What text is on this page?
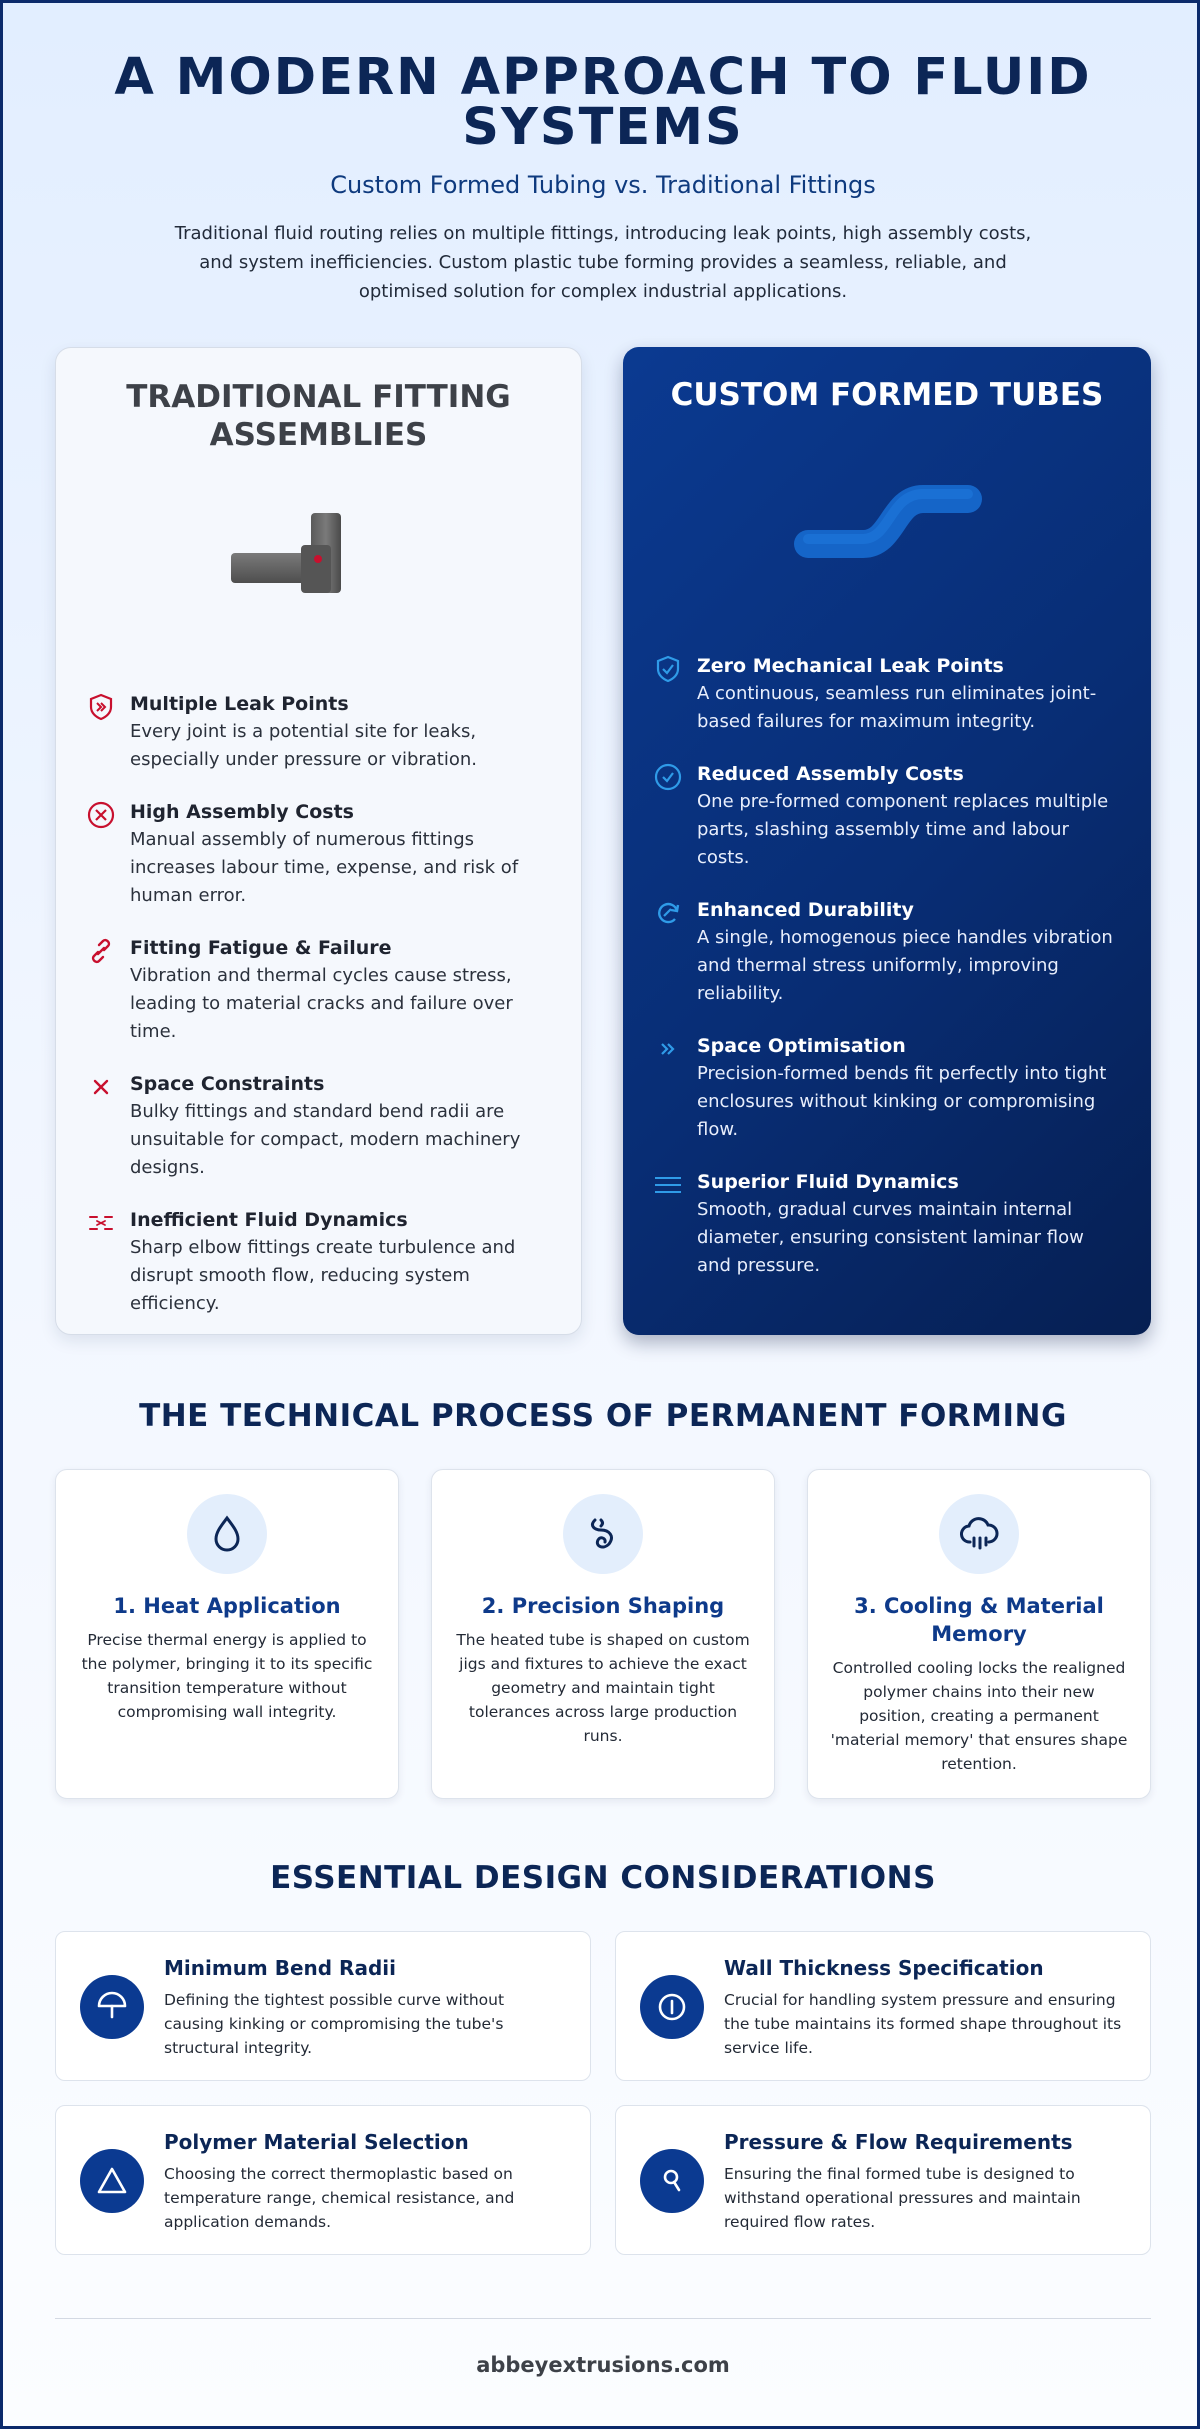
A MODERN APPROACH TO FLUID SYSTEMS
Custom Formed Tubing vs. Traditional Fittings
Traditional fluid routing relies on multiple fittings, introducing leak points, high assembly costs, and system inefficiencies. Custom plastic tube forming provides a seamless, reliable, and optimised solution for complex industrial applications.
TRADITIONAL FITTING ASSEMBLIES
Multiple Leak Points
Every joint is a potential site for leaks, especially under pressure or vibration.
High Assembly Costs
Manual assembly of numerous fittings increases labour time, expense, and risk of human error.
Fitting Fatigue & Failure
Vibration and thermal cycles cause stress, leading to material cracks and failure over time.
Space Constraints
Bulky fittings and standard bend radii are unsuitable for compact, modern machinery designs.
Inefficient Fluid Dynamics
Sharp elbow fittings create turbulence and disrupt smooth flow, reducing system efficiency.
CUSTOM FORMED TUBES
Zero Mechanical Leak Points
A continuous, seamless run eliminates joint-based failures for maximum integrity.
Reduced Assembly Costs
One pre-formed component replaces multiple parts, slashing assembly time and labour costs.
Enhanced Durability
A single, homogenous piece handles vibration and thermal stress uniformly, improving reliability.
Space Optimisation
Precision-formed bends fit perfectly into tight enclosures without kinking or compromising flow.
Superior Fluid Dynamics
Smooth, gradual curves maintain internal diameter, ensuring consistent laminar flow and pressure.
THE TECHNICAL PROCESS OF PERMANENT FORMING
1. Heat Application
Precise thermal energy is applied to the polymer, bringing it to its specific transition temperature without compromising wall integrity.
2. Precision Shaping
The heated tube is shaped on custom jigs and fixtures to achieve the exact geometry and maintain tight tolerances across large production runs.
3. Cooling & Material Memory
Controlled cooling locks the realigned polymer chains into their new position, creating a permanent 'material memory' that ensures shape retention.
ESSENTIAL DESIGN CONSIDERATIONS
Minimum Bend Radii
Defining the tightest possible curve without causing kinking or compromising the tube's structural integrity.
Wall Thickness Specification
Crucial for handling system pressure and ensuring the tube maintains its formed shape throughout its service life.
Polymer Material Selection
Choosing the correct thermoplastic based on temperature range, chemical resistance, and application demands.
Pressure & Flow Requirements
Ensuring the final formed tube is designed to withstand operational pressures and maintain required flow rates.
abbeyextrusions.com
